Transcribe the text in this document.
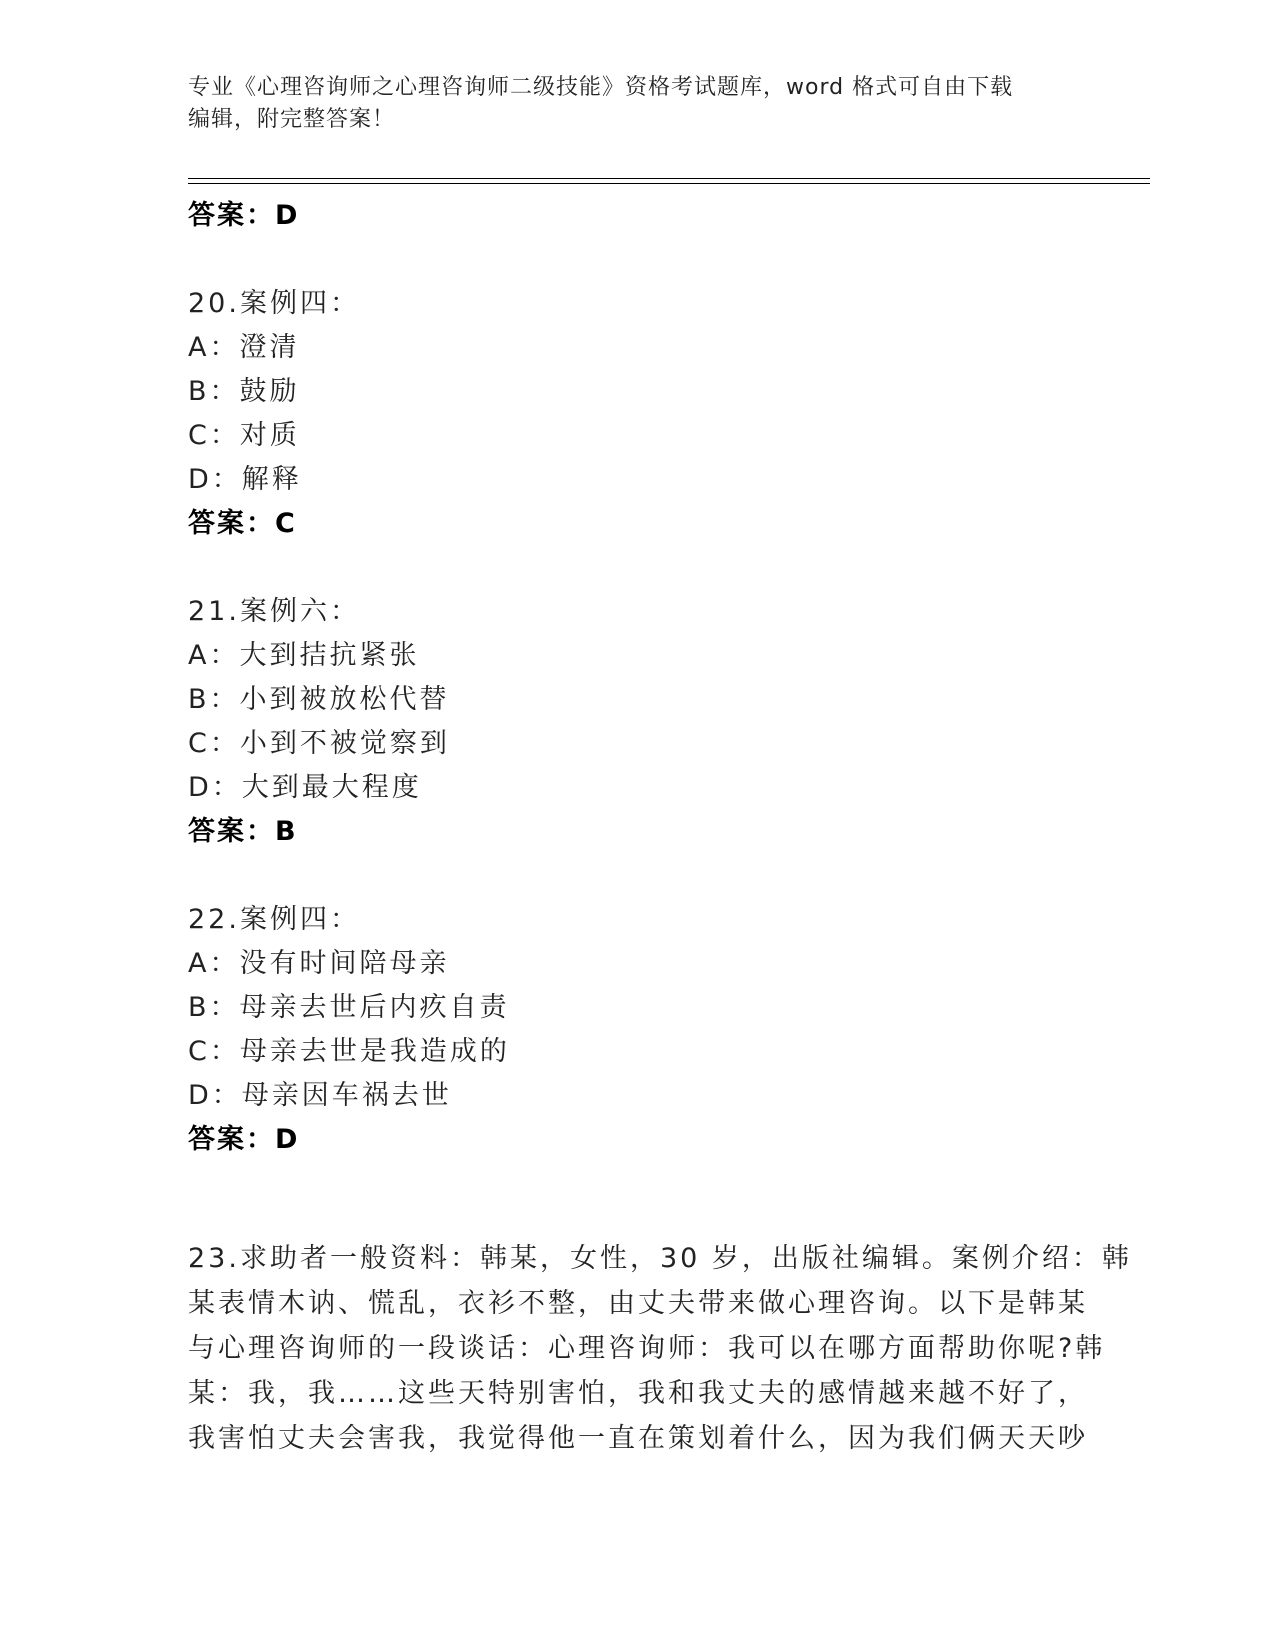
专业《心理咨询师之心理咨询师二级技能》资格考试题库，word 格式可自由下载
编辑，附完整答案！
答案：D
20.案例四：
A：澄清
B：鼓励
C：对质
D：解释
答案：C
21.案例六：
A：大到拮抗紧张
B：小到被放松代替
C：小到不被觉察到
D：大到最大程度
答案：B
22.案例四：
A：没有时间陪母亲
B：母亲去世后内疚自责
C：母亲去世是我造成的
D：母亲因车祸去世
答案：D
23.求助者一般资料：韩某，女性，30 岁，出版社编辑。案例介绍：韩
某表情木讷、慌乱，衣衫不整，由丈夫带来做心理咨询。以下是韩某
与心理咨询师的一段谈话：心理咨询师：我可以在哪方面帮助你呢?韩
某：我，我……这些天特别害怕，我和我丈夫的感情越来越不好了，
我害怕丈夫会害我，我觉得他一直在策划着什么，因为我们俩天天吵
